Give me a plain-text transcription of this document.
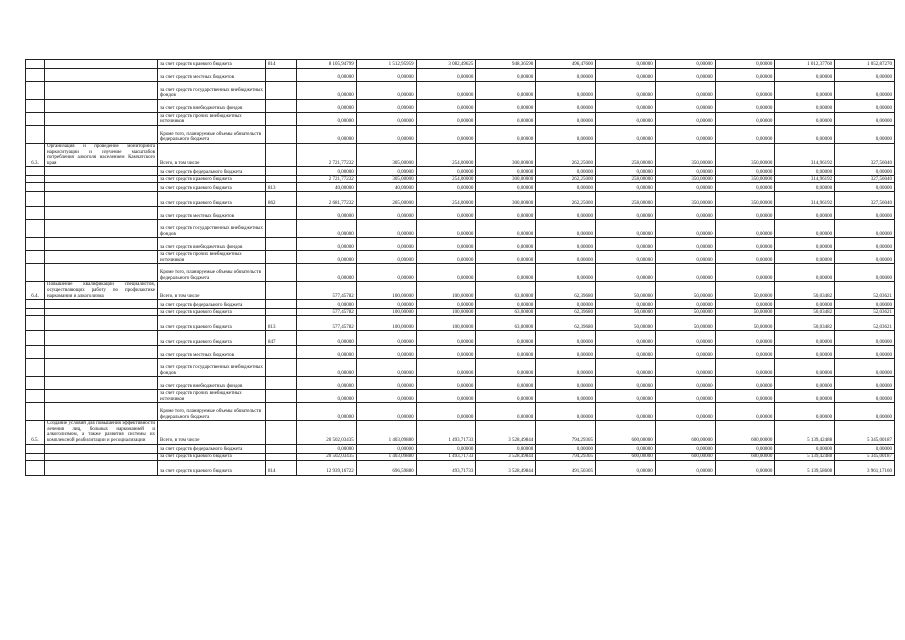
		за счет средств краевого бюджета	814	8 105,94799	1 512,95959	3 082,49625	948,36590	496,47600	0,00000	0,00000	0,00000	1 012,37760	1 052,87270
		за счет средств местных бюджетов		0,00000	0,00000	0,00000	0,00000	0,00000	0,00000	0,00000	0,00000	0,00000	0,00000
		за счет средств государственных внебюджетных фондов		0,00000	0,00000	0,00000	0,00000	0,00000	0,00000	0,00000	0,00000	0,00000	0,00000
		за счет средств внебюджетных фондов		0,00000	0,00000	0,00000	0,00000	0,00000	0,00000	0,00000	0,00000	0,00000	0,00000
		за счет средств прочих внебюджетных источников		0,00000	0,00000	0,00000	0,00000	0,00000	0,00000	0,00000	0,00000	0,00000	0,00000
		Кроме того, планируемые объемы обязательств федерального бюджета		0,00000	0,00000	0,00000	0,00000	0,00000	0,00000	0,00000	0,00000	0,00000	0,00000
6.3.	Организация и проведение мониторинга наркоситуации и изучение масштабов потребления алкоголя населением Камчатского края	Всего, в том числе		2 721,77232	305,00000	254,00000	300,00000	262,25000	258,00000	350,00000	350,00000	314,96192	327,56040
		за счет средств федерального бюджета		0,00000	0,00000	0,00000	0,00000	0,00000	0,00000	0,00000	0,00000	0,00000	0,00000
		за счет средств краевого бюджета		2 721,77232	305,00000	254,00000	300,00000	262,25000	258,00000	350,00000	350,00000	314,96192	327,56040
		за счет средств краевого бюджета	813	40,00000	40,00000	0,00000	0,00000	0,00000	0,00000	0,00000	0,00000	0,00000	0,00000
		за счет средств краевого бюджета	862	2 681,77232	265,00000	254,00000	300,00000	262,25000	258,00000	350,00000	350,00000	314,96192	327,56040
		за счет средств местных бюджетов		0,00000	0,00000	0,00000	0,00000	0,00000	0,00000	0,00000	0,00000	0,00000	0,00000
		за счет средств государственных внебюджетных фондов		0,00000	0,00000	0,00000	0,00000	0,00000	0,00000	0,00000	0,00000	0,00000	0,00000
		за счет средств внебюджетных фондов		0,00000	0,00000	0,00000	0,00000	0,00000	0,00000	0,00000	0,00000	0,00000	0,00000
		за счет средств прочих внебюджетных источников		0,00000	0,00000	0,00000	0,00000	0,00000	0,00000	0,00000	0,00000	0,00000	0,00000
		Кроме того, планируемые объемы обязательств федерального бюджета		0,00000	0,00000	0,00000	0,00000	0,00000	0,00000	0,00000	0,00000	0,00000	0,00000
6.4.	Повышение квалификации специалистов, осуществляющих работу по профилактике наркомании и алкоголизма	Всего, в том числе		577,45782	100,00000	100,00000	63,00000	62,39680	50,00000	50,00000	50,00000	50,03482	52,03621
		за счет средств федерального бюджета		0,00000	0,00000	0,00000	0,00000	0,00000	0,00000	0,00000	0,00000	0,00000	0,00000
		за счет средств краевого бюджета		577,45782	100,00000	100,00000	63,00000	62,39680	50,00000	50,00000	50,00000	50,03482	52,03621
		за счет средств краевого бюджета	813	577,45782	100,00000	100,00000	63,00000	62,39680	50,00000	50,00000	50,00000	50,03482	52,03621
		за счет средств краевого бюджета	847	0,00000	0,00000	0,00000	0,00000	0,00000	0,00000	0,00000	0,00000	0,00000	0,00000
		за счет средств местных бюджетов		0,00000	0,00000	0,00000	0,00000	0,00000	0,00000	0,00000	0,00000	0,00000	0,00000
		за счет средств государственных внебюджетных фондов		0,00000	0,00000	0,00000	0,00000	0,00000	0,00000	0,00000	0,00000	0,00000	0,00000
		за счет средств внебюджетных фондов		0,00000	0,00000	0,00000	0,00000	0,00000	0,00000	0,00000	0,00000	0,00000	0,00000
		за счет средств прочих внебюджетных источников		0,00000	0,00000	0,00000	0,00000	0,00000	0,00000	0,00000	0,00000	0,00000	0,00000
		Кроме того, планируемые объемы обязательств федерального бюджета		0,00000	0,00000	0,00000	0,00000	0,00000	0,00000	0,00000	0,00000	0,00000	0,00000
6.5.	Создание условий для повышения эффективности лечения лиц, больных наркоманией и алкоголизмом, а также развития системы их комплексной реабилитации и ресоциализации	Всего, в том числе		20 502,03435	1 403,09880	1 493,71733	3 528,49844	794,29305	600,00000	600,00000	600,00000	5 139,42488	5 345,00187
		за счет средств федерального бюджета		0,00000	0,00000	0,00000	0,00000	0,00000	0,00000	0,00000	0,00000	0,00000	0,00000
		за счет средств краевого бюджета		20 502,03435	1 403,09880	1 493,71733	3 528,49844	794,29305	600,00000	600,00000	600,00000	5 139,42488	5 345,00187
		за счет средств краевого бюджета	814	12 939,16722	696,59880	493,71733	3 528,49844	491,50305	0,00000	0,00000	0,00000	5 139,58608	3 961,17160
